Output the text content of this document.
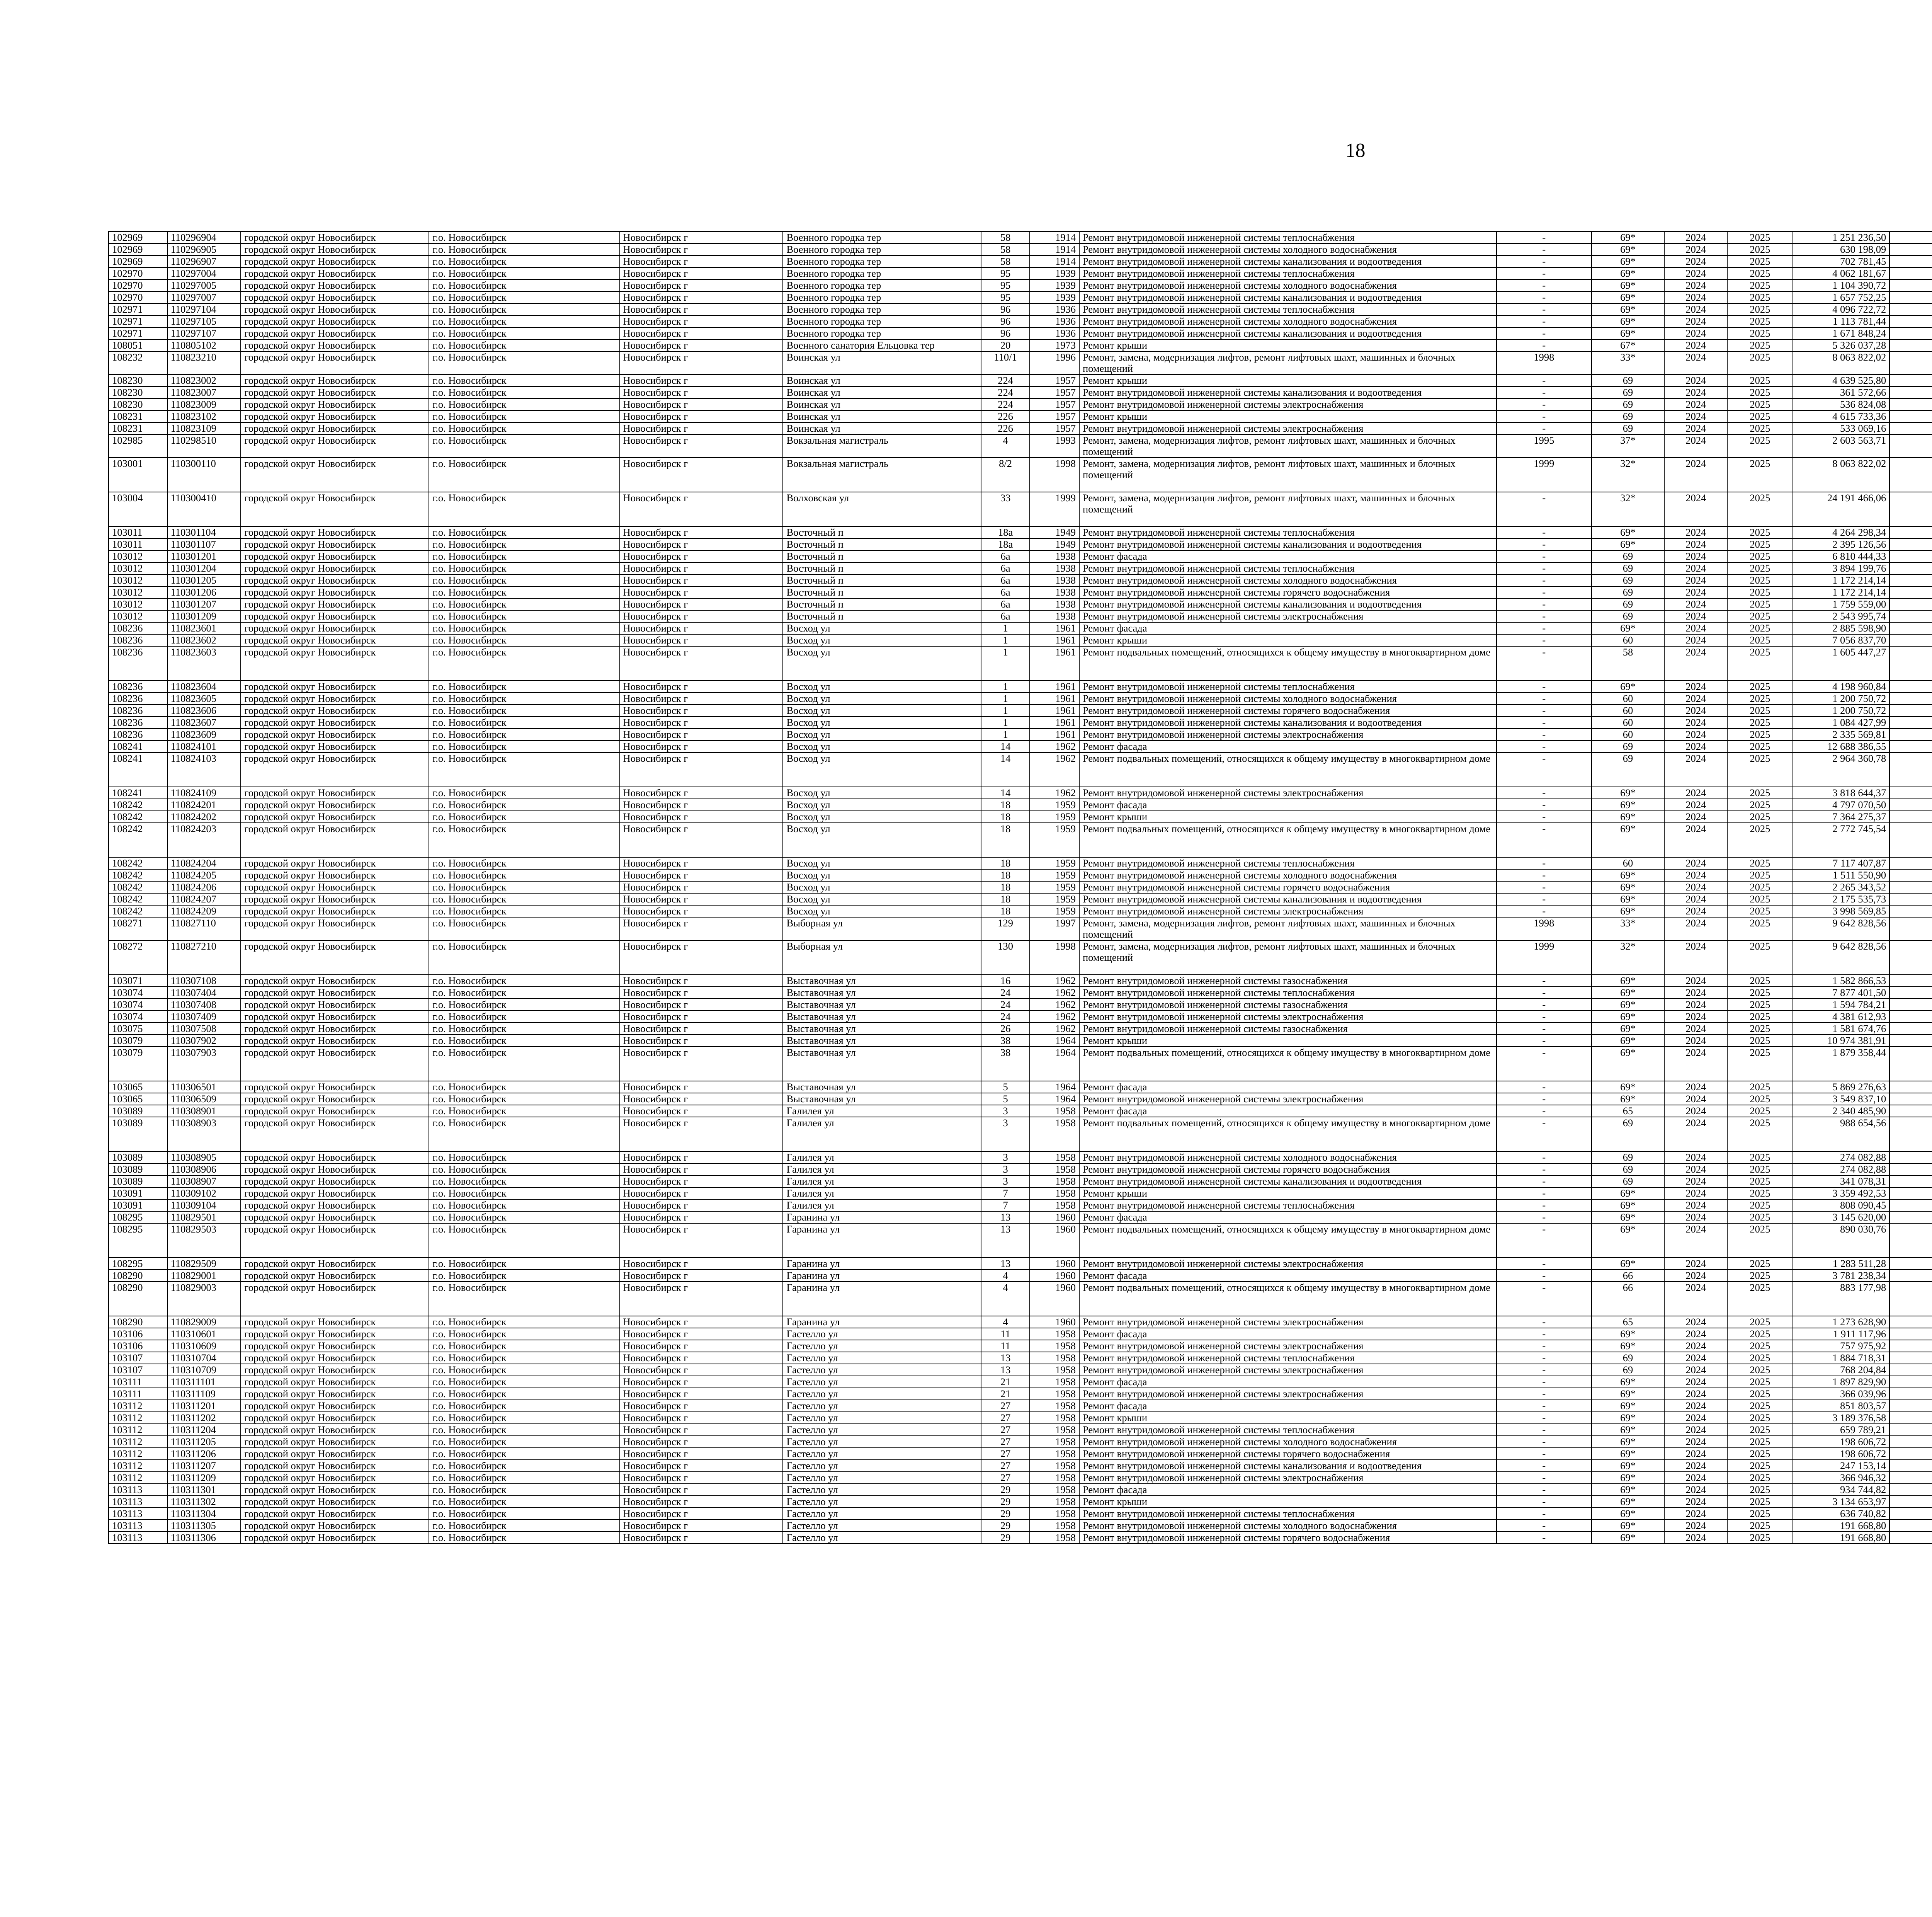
18
102969	110296904	городской округ Новосибирск	г.о. Новосибирск	Новосибирск г	Военного городка тер	58	1914	Ремонт внутридомовой инженерной системы теплоснабжения	-	69*	2024	2025	1 251 236,50							
102969	110296905	городской округ Новосибирск	г.о. Новосибирск	Новосибирск г	Военного городка тер	58	1914	Ремонт внутридомовой инженерной системы холодного водоснабжения	-	69*	2024	2025	630 198,09							
102969	110296907	городской округ Новосибирск	г.о. Новосибирск	Новосибирск г	Военного городка тер	58	1914	Ремонт внутридомовой инженерной системы канализования и водоотведения	-	69*	2024	2025	702 781,45							
102970	110297004	городской округ Новосибирск	г.о. Новосибирск	Новосибирск г	Военного городка тер	95	1939	Ремонт внутридомовой инженерной системы теплоснабжения	-	69*	2024	2025	4 062 181,67							
102970	110297005	городской округ Новосибирск	г.о. Новосибирск	Новосибирск г	Военного городка тер	95	1939	Ремонт внутридомовой инженерной системы холодного водоснабжения	-	69*	2024	2025	1 104 390,72							
102970	110297007	городской округ Новосибирск	г.о. Новосибирск	Новосибирск г	Военного городка тер	95	1939	Ремонт внутридомовой инженерной системы канализования и водоотведения	-	69*	2024	2025	1 657 752,25							
102971	110297104	городской округ Новосибирск	г.о. Новосибирск	Новосибирск г	Военного городка тер	96	1936	Ремонт внутридомовой инженерной системы теплоснабжения	-	69*	2024	2025	4 096 722,72							
102971	110297105	городской округ Новосибирск	г.о. Новосибирск	Новосибирск г	Военного городка тер	96	1936	Ремонт внутридомовой инженерной системы холодного водоснабжения	-	69*	2024	2025	1 113 781,44							
102971	110297107	городской округ Новосибирск	г.о. Новосибирск	Новосибирск г	Военного городка тер	96	1936	Ремонт внутридомовой инженерной системы канализования и водоотведения	-	69*	2024	2025	1 671 848,24							
108051	110805102	городской округ Новосибирск	г.о. Новосибирск	Новосибирск г	Военного санатория Ельцовка тер	20	1973	Ремонт крыши	-	67*	2024	2025	5 326 037,28							
108232	110823210	городской округ Новосибирск	г.о. Новосибирск	Новосибирск г	Воинская ул	110/1	1996	Ремонт, замена, модернизация лифтов, ремонт лифтовых шахт, машинных и блочных помещений	1998	33*	2024	2025	8 063 822,02							
108230	110823002	городской округ Новосибирск	г.о. Новосибирск	Новосибирск г	Воинская ул	224	1957	Ремонт крыши	-	69	2024	2025	4 639 525,80							
108230	110823007	городской округ Новосибирск	г.о. Новосибирск	Новосибирск г	Воинская ул	224	1957	Ремонт внутридомовой инженерной системы канализования и водоотведения	-	69	2024	2025	361 572,66							
108230	110823009	городской округ Новосибирск	г.о. Новосибирск	Новосибирск г	Воинская ул	224	1957	Ремонт внутридомовой инженерной системы электроснабжения	-	69	2024	2025	536 824,08							
108231	110823102	городской округ Новосибирск	г.о. Новосибирск	Новосибирск г	Воинская ул	226	1957	Ремонт крыши	-	69	2024	2025	4 615 733,36							
108231	110823109	городской округ Новосибирск	г.о. Новосибирск	Новосибирск г	Воинская ул	226	1957	Ремонт внутридомовой инженерной системы электроснабжения	-	69	2024	2025	533 069,16							
102985	110298510	городской округ Новосибирск	г.о. Новосибирск	Новосибирск г	Вокзальная магистраль	4	1993	Ремонт, замена, модернизация лифтов, ремонт лифтовых шахт, машинных и блочных помещений	1995	37*	2024	2025	2 603 563,71							
103001	110300110	городской округ Новосибирск	г.о. Новосибирск	Новосибирск г	Вокзальная магистраль	8/2	1998	Ремонт, замена, модернизация лифтов, ремонт лифтовых шахт, машинных и блочных помещений	1999	32*	2024	2025	8 063 822,02							
103004	110300410	городской округ Новосибирск	г.о. Новосибирск	Новосибирск г	Волховская ул	33	1999	Ремонт, замена, модернизация лифтов, ремонт лифтовых шахт, машинных и блочных помещений	-	32*	2024	2025	24 191 466,06							
103011	110301104	городской округ Новосибирск	г.о. Новосибирск	Новосибирск г	Восточный п	18а	1949	Ремонт внутридомовой инженерной системы теплоснабжения	-	69*	2024	2025	4 264 298,34							
103011	110301107	городской округ Новосибирск	г.о. Новосибирск	Новосибирск г	Восточный п	18а	1949	Ремонт внутридомовой инженерной системы канализования и водоотведения	-	69*	2024	2025	2 395 126,56							
103012	110301201	городской округ Новосибирск	г.о. Новосибирск	Новосибирск г	Восточный п	6а	1938	Ремонт фасада	-	69	2024	2025	6 810 444,33							
103012	110301204	городской округ Новосибирск	г.о. Новосибирск	Новосибирск г	Восточный п	6а	1938	Ремонт внутридомовой инженерной системы теплоснабжения	-	69	2024	2025	3 894 199,76							
103012	110301205	городской округ Новосибирск	г.о. Новосибирск	Новосибирск г	Восточный п	6а	1938	Ремонт внутридомовой инженерной системы холодного водоснабжения	-	69	2024	2025	1 172 214,14							
103012	110301206	городской округ Новосибирск	г.о. Новосибирск	Новосибирск г	Восточный п	6а	1938	Ремонт внутридомовой инженерной системы горячего водоснабжения	-	69	2024	2025	1 172 214,14							
103012	110301207	городской округ Новосибирск	г.о. Новосибирск	Новосибирск г	Восточный п	6а	1938	Ремонт внутридомовой инженерной системы канализования и водоотведения	-	69	2024	2025	1 759 559,00							
103012	110301209	городской округ Новосибирск	г.о. Новосибирск	Новосибирск г	Восточный п	6а	1938	Ремонт внутридомовой инженерной системы электроснабжения	-	69	2024	2025	2 543 995,74							
108236	110823601	городской округ Новосибирск	г.о. Новосибирск	Новосибирск г	Восход ул	1	1961	Ремонт фасада	-	69*	2024	2025	2 885 598,90							
108236	110823602	городской округ Новосибирск	г.о. Новосибирск	Новосибирск г	Восход ул	1	1961	Ремонт крыши	-	60	2024	2025	7 056 837,70							
108236	110823603	городской округ Новосибирск	г.о. Новосибирск	Новосибирск г	Восход ул	1	1961	Ремонт подвальных помещений, относящихся к общему имуществу в многоквартирном доме	-	58	2024	2025	1 605 447,27							
108236	110823604	городской округ Новосибирск	г.о. Новосибирск	Новосибирск г	Восход ул	1	1961	Ремонт внутридомовой инженерной системы теплоснабжения	-	69*	2024	2025	4 198 960,84							
108236	110823605	городской округ Новосибирск	г.о. Новосибирск	Новосибирск г	Восход ул	1	1961	Ремонт внутридомовой инженерной системы холодного водоснабжения	-	60	2024	2025	1 200 750,72							
108236	110823606	городской округ Новосибирск	г.о. Новосибирск	Новосибирск г	Восход ул	1	1961	Ремонт внутридомовой инженерной системы горячего водоснабжения	-	60	2024	2025	1 200 750,72							
108236	110823607	городской округ Новосибирск	г.о. Новосибирск	Новосибирск г	Восход ул	1	1961	Ремонт внутридомовой инженерной системы канализования и водоотведения	-	60	2024	2025	1 084 427,99							
108236	110823609	городской округ Новосибирск	г.о. Новосибирск	Новосибирск г	Восход ул	1	1961	Ремонт внутридомовой инженерной системы электроснабжения	-	60	2024	2025	2 335 569,81							
108241	110824101	городской округ Новосибирск	г.о. Новосибирск	Новосибирск г	Восход ул	14	1962	Ремонт фасада	-	69	2024	2025	12 688 386,55							
108241	110824103	городской округ Новосибирск	г.о. Новосибирск	Новосибирск г	Восход ул	14	1962	Ремонт подвальных помещений, относящихся к общему имуществу в многоквартирном доме	-	69	2024	2025	2 964 360,78							
108241	110824109	городской округ Новосибирск	г.о. Новосибирск	Новосибирск г	Восход ул	14	1962	Ремонт внутридомовой инженерной системы электроснабжения	-	69*	2024	2025	3 818 644,37							
108242	110824201	городской округ Новосибирск	г.о. Новосибирск	Новосибирск г	Восход ул	18	1959	Ремонт фасада	-	69*	2024	2025	4 797 070,50							
108242	110824202	городской округ Новосибирск	г.о. Новосибирск	Новосибирск г	Восход ул	18	1959	Ремонт крыши	-	69*	2024	2025	7 364 275,37							
108242	110824203	городской округ Новосибирск	г.о. Новосибирск	Новосибирск г	Восход ул	18	1959	Ремонт подвальных помещений, относящихся к общему имуществу в многоквартирном доме	-	69*	2024	2025	2 772 745,54							
108242	110824204	городской округ Новосибирск	г.о. Новосибирск	Новосибирск г	Восход ул	18	1959	Ремонт внутридомовой инженерной системы теплоснабжения	-	60	2024	2025	7 117 407,87							
108242	110824205	городской округ Новосибирск	г.о. Новосибирск	Новосибирск г	Восход ул	18	1959	Ремонт внутридомовой инженерной системы холодного водоснабжения	-	69*	2024	2025	1 511 550,90							
108242	110824206	городской округ Новосибирск	г.о. Новосибирск	Новосибирск г	Восход ул	18	1959	Ремонт внутридомовой инженерной системы горячего водоснабжения	-	69*	2024	2025	2 265 343,52							
108242	110824207	городской округ Новосибирск	г.о. Новосибирск	Новосибирск г	Восход ул	18	1959	Ремонт внутридомовой инженерной системы канализования и водоотведения	-	69*	2024	2025	2 175 535,73							
108242	110824209	городской округ Новосибирск	г.о. Новосибирск	Новосибирск г	Восход ул	18	1959	Ремонт внутридомовой инженерной системы электроснабжения	-	69*	2024	2025	3 998 569,85							
108271	110827110	городской округ Новосибирск	г.о. Новосибирск	Новосибирск г	Выборная ул	129	1997	Ремонт, замена, модернизация лифтов, ремонт лифтовых шахт, машинных и блочных помещений	1998	33*	2024	2025	9 642 828,56							
108272	110827210	городской округ Новосибирск	г.о. Новосибирск	Новосибирск г	Выборная ул	130	1998	Ремонт, замена, модернизация лифтов, ремонт лифтовых шахт, машинных и блочных помещений	1999	32*	2024	2025	9 642 828,56							
103071	110307108	городской округ Новосибирск	г.о. Новосибирск	Новосибирск г	Выставочная ул	16	1962	Ремонт внутридомовой инженерной системы газоснабжения	-	69*	2024	2025	1 582 866,53							
103074	110307404	городской округ Новосибирск	г.о. Новосибирск	Новосибирск г	Выставочная ул	24	1962	Ремонт внутридомовой инженерной системы теплоснабжения	-	69*	2024	2025	7 877 401,50							
103074	110307408	городской округ Новосибирск	г.о. Новосибирск	Новосибирск г	Выставочная ул	24	1962	Ремонт внутридомовой инженерной системы газоснабжения	-	69*	2024	2025	1 594 784,21							
103074	110307409	городской округ Новосибирск	г.о. Новосибирск	Новосибирск г	Выставочная ул	24	1962	Ремонт внутридомовой инженерной системы электроснабжения	-	69*	2024	2025	4 381 612,93							
103075	110307508	городской округ Новосибирск	г.о. Новосибирск	Новосибирск г	Выставочная ул	26	1962	Ремонт внутридомовой инженерной системы газоснабжения	-	69*	2024	2025	1 581 674,76							
103079	110307902	городской округ Новосибирск	г.о. Новосибирск	Новосибирск г	Выставочная ул	38	1964	Ремонт крыши	-	69*	2024	2025	10 974 381,91							
103079	110307903	городской округ Новосибирск	г.о. Новосибирск	Новосибирск г	Выставочная ул	38	1964	Ремонт подвальных помещений, относящихся к общему имуществу в многоквартирном доме	-	69*	2024	2025	1 879 358,44							
103065	110306501	городской округ Новосибирск	г.о. Новосибирск	Новосибирск г	Выставочная ул	5	1964	Ремонт фасада	-	69*	2024	2025	5 869 276,63							
103065	110306509	городской округ Новосибирск	г.о. Новосибирск	Новосибирск г	Выставочная ул	5	1964	Ремонт внутридомовой инженерной системы электроснабжения	-	69*	2024	2025	3 549 837,10							
103089	110308901	городской округ Новосибирск	г.о. Новосибирск	Новосибирск г	Галилея ул	3	1958	Ремонт фасада	-	65	2024	2025	2 340 485,90							
103089	110308903	городской округ Новосибирск	г.о. Новосибирск	Новосибирск г	Галилея ул	3	1958	Ремонт подвальных помещений, относящихся к общему имуществу в многоквартирном доме	-	69	2024	2025	988 654,56							
103089	110308905	городской округ Новосибирск	г.о. Новосибирск	Новосибирск г	Галилея ул	3	1958	Ремонт внутридомовой инженерной системы холодного водоснабжения	-	69	2024	2025	274 082,88							
103089	110308906	городской округ Новосибирск	г.о. Новосибирск	Новосибирск г	Галилея ул	3	1958	Ремонт внутридомовой инженерной системы горячего водоснабжения	-	69	2024	2025	274 082,88							
103089	110308907	городской округ Новосибирск	г.о. Новосибирск	Новосибирск г	Галилея ул	3	1958	Ремонт внутридомовой инженерной системы канализования и водоотведения	-	69	2024	2025	341 078,31							
103091	110309102	городской округ Новосибирск	г.о. Новосибирск	Новосибирск г	Галилея ул	7	1958	Ремонт крыши	-	69*	2024	2025	3 359 492,53							
103091	110309104	городской округ Новосибирск	г.о. Новосибирск	Новосибирск г	Галилея ул	7	1958	Ремонт внутридомовой инженерной системы теплоснабжения	-	69*	2024	2025	808 090,45							
108295	110829501	городской округ Новосибирск	г.о. Новосибирск	Новосибирск г	Гаранина ул	13	1960	Ремонт фасада	-	69*	2024	2025	3 145 620,00							
108295	110829503	городской округ Новосибирск	г.о. Новосибирск	Новосибирск г	Гаранина ул	13	1960	Ремонт подвальных помещений, относящихся к общему имуществу в многоквартирном доме	-	69*	2024	2025	890 030,76							
108295	110829509	городской округ Новосибирск	г.о. Новосибирск	Новосибирск г	Гаранина ул	13	1960	Ремонт внутридомовой инженерной системы электроснабжения	-	69*	2024	2025	1 283 511,28							
108290	110829001	городской округ Новосибирск	г.о. Новосибирск	Новосибирск г	Гаранина ул	4	1960	Ремонт фасада	-	66	2024	2025	3 781 238,34							
108290	110829003	городской округ Новосибирск	г.о. Новосибирск	Новосибирск г	Гаранина ул	4	1960	Ремонт подвальных помещений, относящихся к общему имуществу в многоквартирном доме	-	66	2024	2025	883 177,98							
108290	110829009	городской округ Новосибирск	г.о. Новосибирск	Новосибирск г	Гаранина ул	4	1960	Ремонт внутридомовой инженерной системы электроснабжения	-	65	2024	2025	1 273 628,90							
103106	110310601	городской округ Новосибирск	г.о. Новосибирск	Новосибирск г	Гастелло ул	11	1958	Ремонт фасада	-	69*	2024	2025	1 911 117,96							
103106	110310609	городской округ Новосибирск	г.о. Новосибирск	Новосибирск г	Гастелло ул	11	1958	Ремонт внутридомовой инженерной системы электроснабжения	-	69*	2024	2025	757 975,92							
103107	110310704	городской округ Новосибирск	г.о. Новосибирск	Новосибирск г	Гастелло ул	13	1958	Ремонт внутридомовой инженерной системы теплоснабжения	-	69	2024	2025	1 884 718,31							
103107	110310709	городской округ Новосибирск	г.о. Новосибирск	Новосибирск г	Гастелло ул	13	1958	Ремонт внутридомовой инженерной системы электроснабжения	-	69	2024	2025	768 204,84							
103111	110311101	городской округ Новосибирск	г.о. Новосибирск	Новосибирск г	Гастелло ул	21	1958	Ремонт фасада	-	69*	2024	2025	1 897 829,90							
103111	110311109	городской округ Новосибирск	г.о. Новосибирск	Новосибирск г	Гастелло ул	21	1958	Ремонт внутридомовой инженерной системы электроснабжения	-	69*	2024	2025	366 039,96							
103112	110311201	городской округ Новосибирск	г.о. Новосибирск	Новосибирск г	Гастелло ул	27	1958	Ремонт фасада	-	69*	2024	2025	851 803,57							
103112	110311202	городской округ Новосибирск	г.о. Новосибирск	Новосибирск г	Гастелло ул	27	1958	Ремонт крыши	-	69*	2024	2025	3 189 376,58							
103112	110311204	городской округ Новосибирск	г.о. Новосибирск	Новосибирск г	Гастелло ул	27	1958	Ремонт внутридомовой инженерной системы теплоснабжения	-	69*	2024	2025	659 789,21							
103112	110311205	городской округ Новосибирск	г.о. Новосибирск	Новосибирск г	Гастелло ул	27	1958	Ремонт внутридомовой инженерной системы холодного водоснабжения	-	69*	2024	2025	198 606,72							
103112	110311206	городской округ Новосибирск	г.о. Новосибирск	Новосибирск г	Гастелло ул	27	1958	Ремонт внутридомовой инженерной системы горячего водоснабжения	-	69*	2024	2025	198 606,72							
103112	110311207	городской округ Новосибирск	г.о. Новосибирск	Новосибирск г	Гастелло ул	27	1958	Ремонт внутридомовой инженерной системы канализования и водоотведения	-	69*	2024	2025	247 153,14							
103112	110311209	городской округ Новосибирск	г.о. Новосибирск	Новосибирск г	Гастелло ул	27	1958	Ремонт внутридомовой инженерной системы электроснабжения	-	69*	2024	2025	366 946,32							
103113	110311301	городской округ Новосибирск	г.о. Новосибирск	Новосибирск г	Гастелло ул	29	1958	Ремонт фасада	-	69*	2024	2025	934 744,82							
103113	110311302	городской округ Новосибирск	г.о. Новосибирск	Новосибирск г	Гастелло ул	29	1958	Ремонт крыши	-	69*	2024	2025	3 134 653,97							
103113	110311304	городской округ Новосибирск	г.о. Новосибирск	Новосибирск г	Гастелло ул	29	1958	Ремонт внутридомовой инженерной системы теплоснабжения	-	69*	2024	2025	636 740,82							
103113	110311305	городской округ Новосибирск	г.о. Новосибирск	Новосибирск г	Гастелло ул	29	1958	Ремонт внутридомовой инженерной системы холодного водоснабжения	-	69*	2024	2025	191 668,80							
103113	110311306	городской округ Новосибирск	г.о. Новосибирск	Новосибирск г	Гастелло ул	29	1958	Ремонт внутридомовой инженерной системы горячего водоснабжения	-	69*	2024	2025	191 668,80							
